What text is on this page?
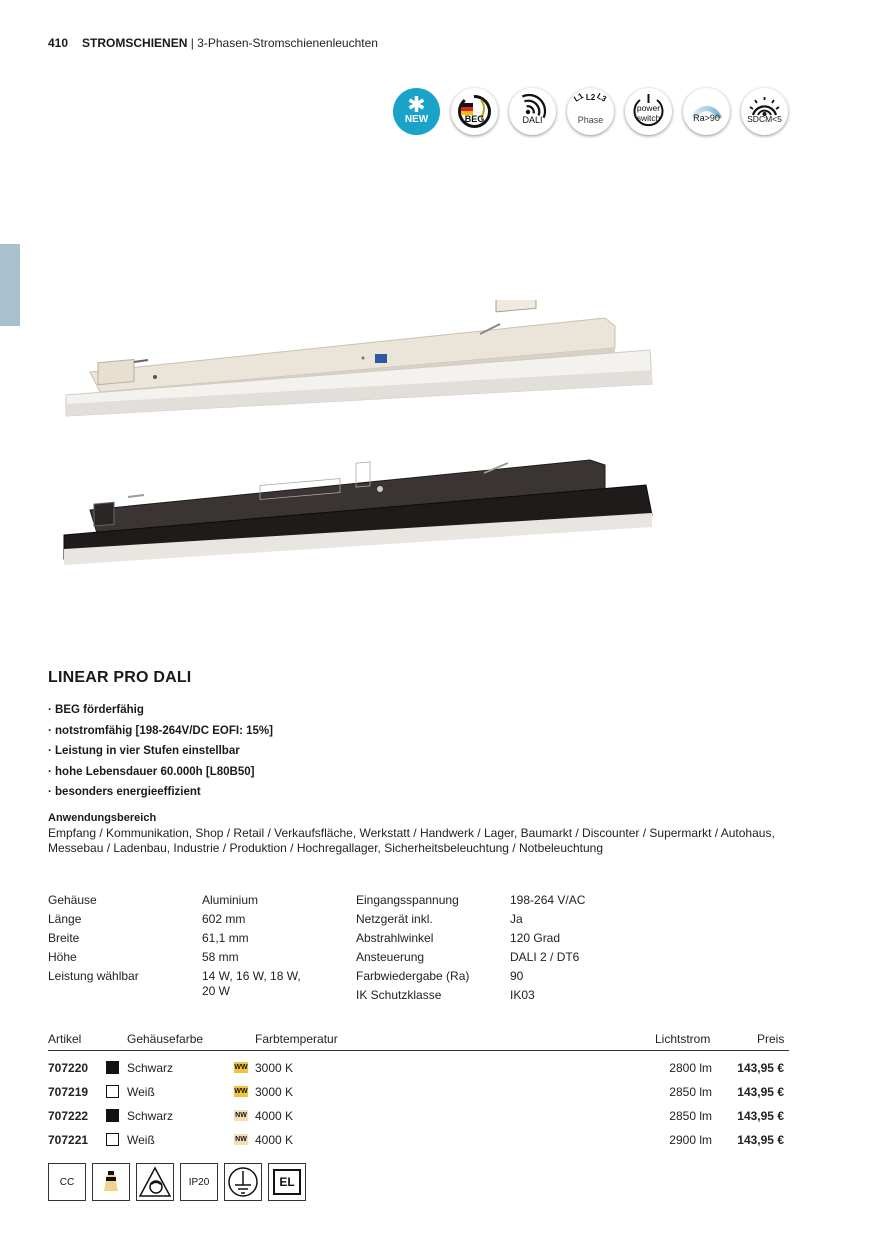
410 STROMSCHIENEN | 3-Phasen-Stromschienenleuchten
✱
NEW	BEG	DALI
L1 L2 L3
Phase
power
switch	Ra>90	SDCM<5
LINEAR PRO DALI
· BEG förderfähig
· notstromfähig [198-264V/DC EOFI: 15%]
· Leistung in vier Stufen einstellbar
· hohe Lebensdauer 60.000h [L80B50]
· besonders energieeffizient
Anwendungsbereich
Empfang / Kommunikation, Shop / Retail / Verkaufsfläche, Werkstatt / Handwerk / Lager, Baumarkt / Discounter / Supermarkt / Autohaus, Messebau / Ladenbau, Industrie / Produktion / Hochregallager, Sicherheitsbeleuchtung / Notbeleuchtung
Gehäuse	Aluminium
Länge	602 mm
Breite	61,1 mm
Höhe	58 mm
Leistung wählbar	14 W, 16 W, 18 W,
20 W
Eingangsspannung	198-264 V/AC
Netzgerät inkl.	Ja
Abstrahlwinkel	120 Grad
Ansteuerung	DALI 2 / DT6
Farbwiedergabe (Ra)	90
IK Schutzklasse	IK03
Artikel	Gehäusefarbe	Farbtemperatur	Lichtstrom	Preis
707220	Schwarz	WW 3000 K	2800 lm 143,95 €
707219	Weiß	WW 3000 K	2850 lm 143,95 €
707222	Schwarz	NW 4000 K	2850 lm 143,95 €
707221	Weiß	NW 4000 K	2900 lm 143,95 €
CC	IP20	EL
